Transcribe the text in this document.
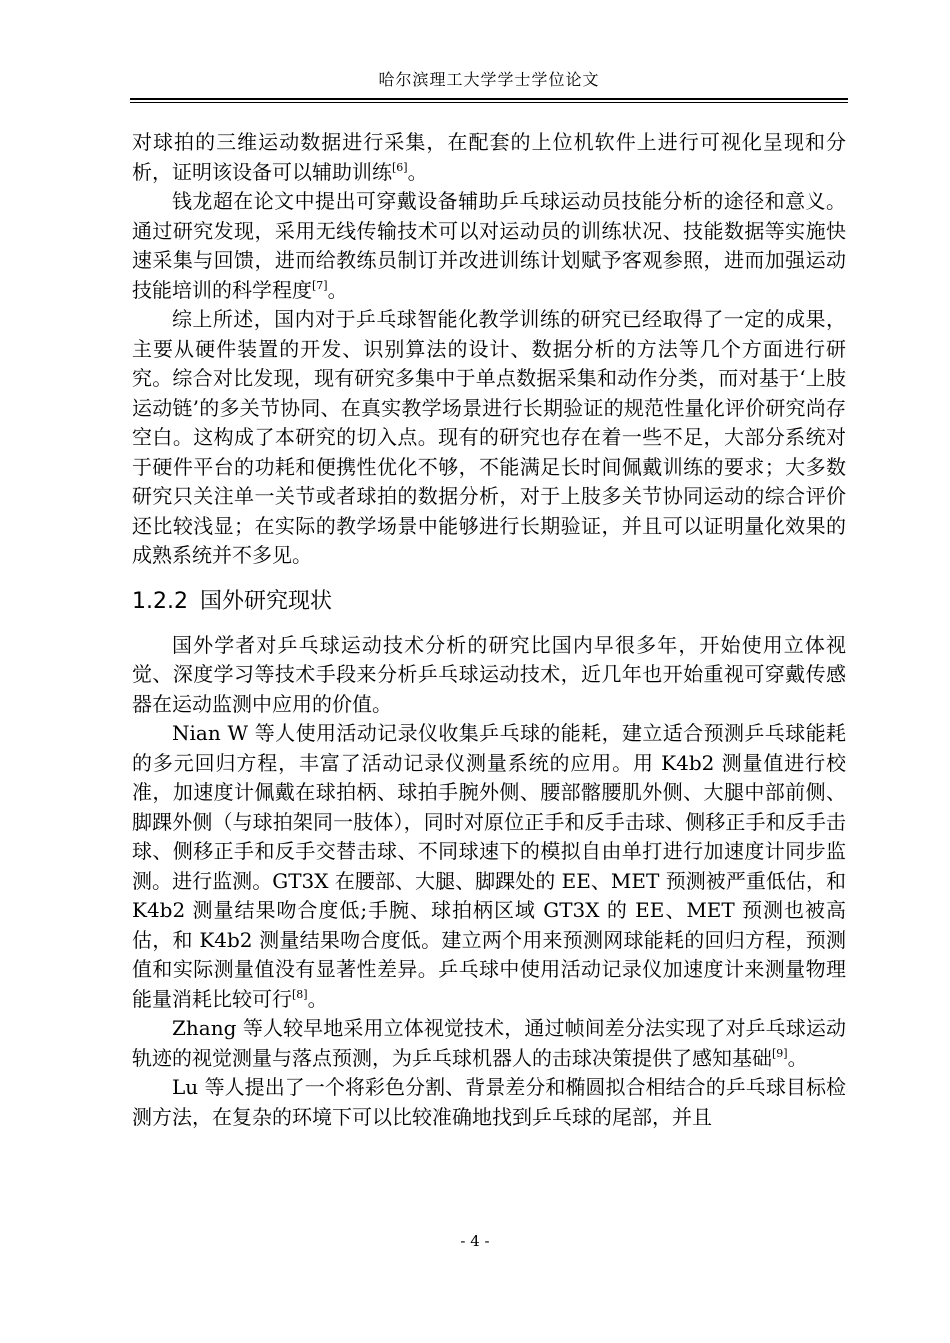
哈尔滨理工大学学士学位论文

对球拍的三维运动数据进行采集，在配套的上位机软件上进行可视化呈现和分析，证明该设备可以辅助训练[6]。

钱龙超在论文中提出可穿戴设备辅助乒乓球运动员技能分析的途径和意义。通过研究发现，采用无线传输技术可以对运动员的训练状况、技能数据等实施快速采集与回馈，进而给教练员制订并改进训练计划赋予客观参照，进而加强运动技能培训的科学程度[7]。

综上所述，国内对于乒乓球智能化教学训练的研究已经取得了一定的成果，主要从硬件装置的开发、识别算法的设计、数据分析的方法等几个方面进行研究。综合对比发现，现有研究多集中于单点数据采集和动作分类，而对基于‘上肢运动链’的多关节协同、在真实教学场景进行长期验证的规范性量化评价研究尚存空白。这构成了本研究的切入点。现有的研究也存在着一些不足，大部分系统对于硬件平台的功耗和便携性优化不够，不能满足长时间佩戴训练的要求；大多数研究只关注单一关节或者球拍的数据分析，对于上肢多关节协同运动的综合评价还比较浅显；在实际的教学场景中能够进行长期验证，并且可以证明量化效果的成熟系统并不多见。

1.2.2 国外研究现状

国外学者对乒乓球运动技术分析的研究比国内早很多年，开始使用立体视觉、深度学习等技术手段来分析乒乓球运动技术，近几年也开始重视可穿戴传感器在运动监测中应用的价值。

Nian W 等人使用活动记录仪收集乒乓球的能耗，建立适合预测乒乓球能耗的多元回归方程，丰富了活动记录仪测量系统的应用。用 K4b2 测量值进行校准，加速度计佩戴在球拍柄、球拍手腕外侧、腰部髂腰肌外侧、大腿中部前侧、脚踝外侧（与球拍架同一肢体），同时对原位正手和反手击球、侧移正手和反手击球、侧移正手和反手交替击球、不同球速下的模拟自由单打进行加速度计同步监测。进行监测。GT3X 在腰部、大腿、脚踝处的 EE、MET 预测被严重低估，和 K4b2 测量结果吻合度低;手腕、球拍柄区域 GT3X 的 EE、MET 预测也被高估，和 K4b2 测量结果吻合度低。建立两个用来预测网球能耗的回归方程，预测值和实际测量值没有显著性差异。乒乓球中使用活动记录仪加速度计来测量物理能量消耗比较可行[8]。

Zhang 等人较早地采用立体视觉技术，通过帧间差分法实现了对乒乓球运动轨迹的视觉测量与落点预测，为乒乓球机器人的击球决策提供了感知基础[9]。

Lu 等人提出了一个将彩色分割、背景差分和椭圆拟合相结合的乒乓球目标检测方法，在复杂的环境下可以比较准确地找到乒乓球的尾部，并且

- 4 -
